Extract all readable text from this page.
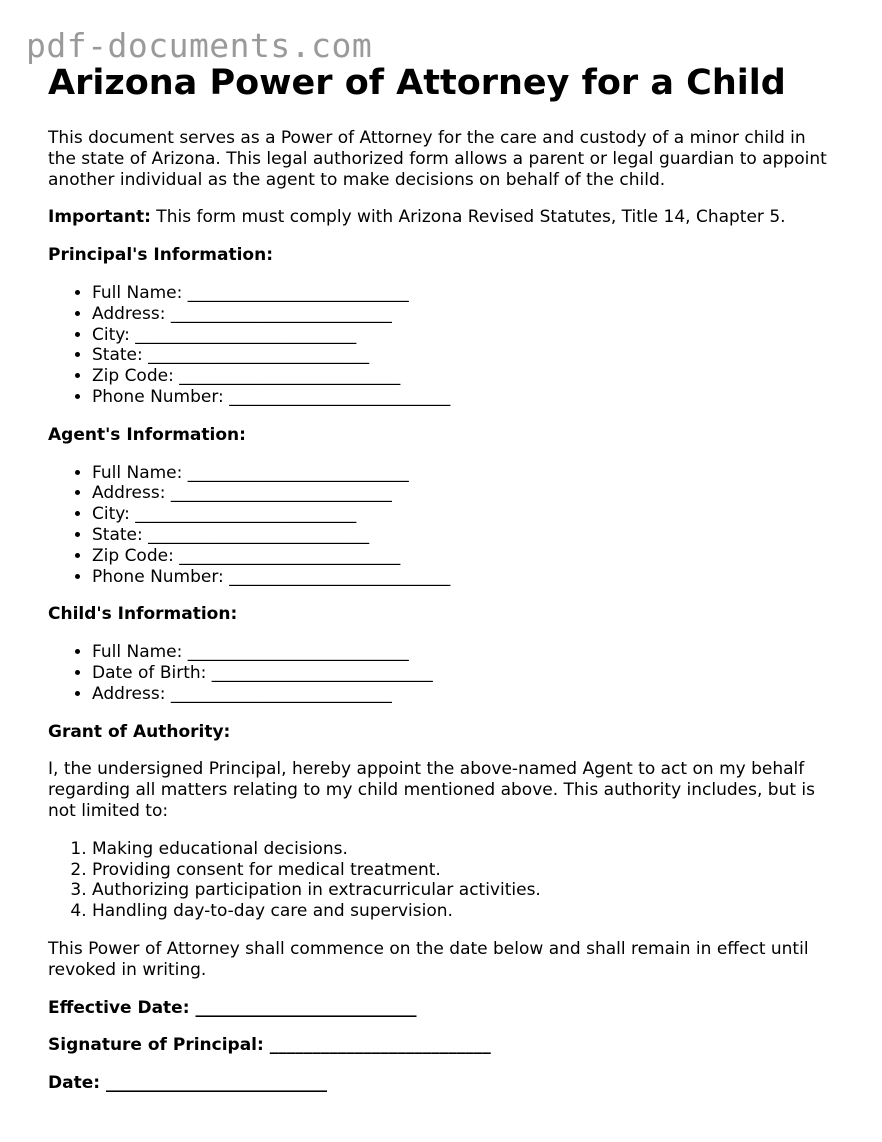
pdf-documents.com
Arizona Power of Attorney for a Child

This document serves as a Power of Attorney for the care and custody of a minor child in the state of Arizona. This legal authorized form allows a parent or legal guardian to appoint another individual as the agent to make decisions on behalf of the child.

Important: This form must comply with Arizona Revised Statutes, Title 14, Chapter 5.

Principal's Information:

• Full Name: __________________________
• Address: __________________________
• City: __________________________
• State: __________________________
• Zip Code: __________________________
• Phone Number: __________________________

Agent's Information:

• Full Name: __________________________
• Address: __________________________
• City: __________________________
• State: __________________________
• Zip Code: __________________________
• Phone Number: __________________________

Child's Information:

• Full Name: __________________________
• Date of Birth: __________________________
• Address: __________________________

Grant of Authority:

I, the undersigned Principal, hereby appoint the above-named Agent to act on my behalf regarding all matters relating to my child mentioned above. This authority includes, but is not limited to:

1. Making educational decisions.
2. Providing consent for medical treatment.
3. Authorizing participation in extracurricular activities.
4. Handling day-to-day care and supervision.

This Power of Attorney shall commence on the date below and shall remain in effect until revoked in writing.

Effective Date: __________________________

Signature of Principal: __________________________

Date: __________________________
